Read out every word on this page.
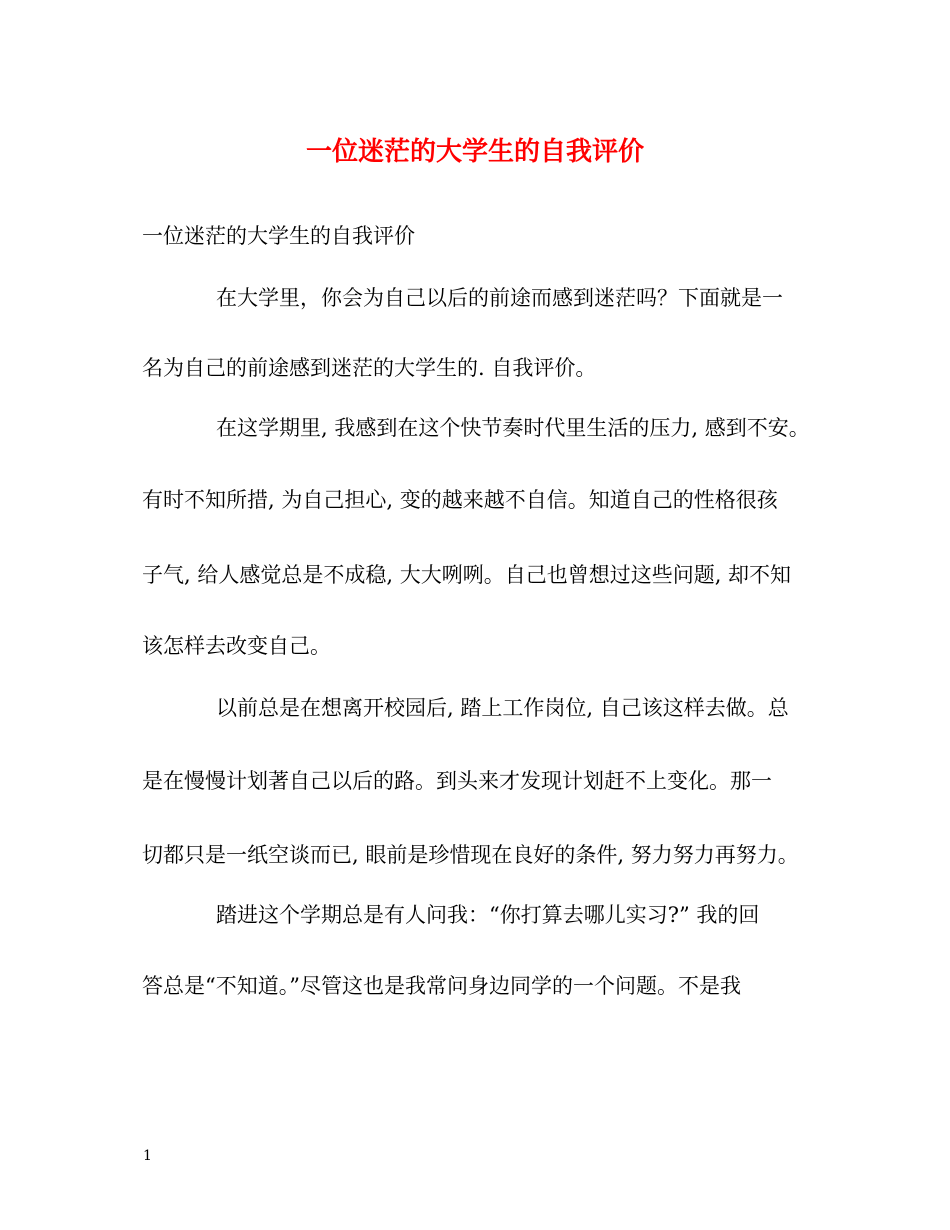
一位迷茫的大学生的自我评价
一位迷茫的大学生的自我评价
在大学里，你会为自己以后的前途而感到迷茫吗？下面就是一
名为自己的前途感到迷茫的大学生的. 自我评价。
在这学期里, 我感到在这个快节奏时代里生活的压力, 感到不安。
有时不知所措, 为自己担心, 变的越来越不自信。知道自己的性格很孩
子气, 给人感觉总是不成稳, 大大咧咧。自己也曾想过这些问题, 却不知
该怎样去改变自己。
以前总是在想离开校园后, 踏上工作岗位, 自己该这样去做。总
是在慢慢计划著自己以后的路。到头来才发现计划赶不上变化。那一
切都只是一纸空谈而已, 眼前是珍惜现在良好的条件, 努力努力再努力。
踏进这个学期总是有人问我：“你打算去哪儿实习?” 我的回
答总是“不知道。”尽管这也是我常问身边同学的一个问题。不是我
1
